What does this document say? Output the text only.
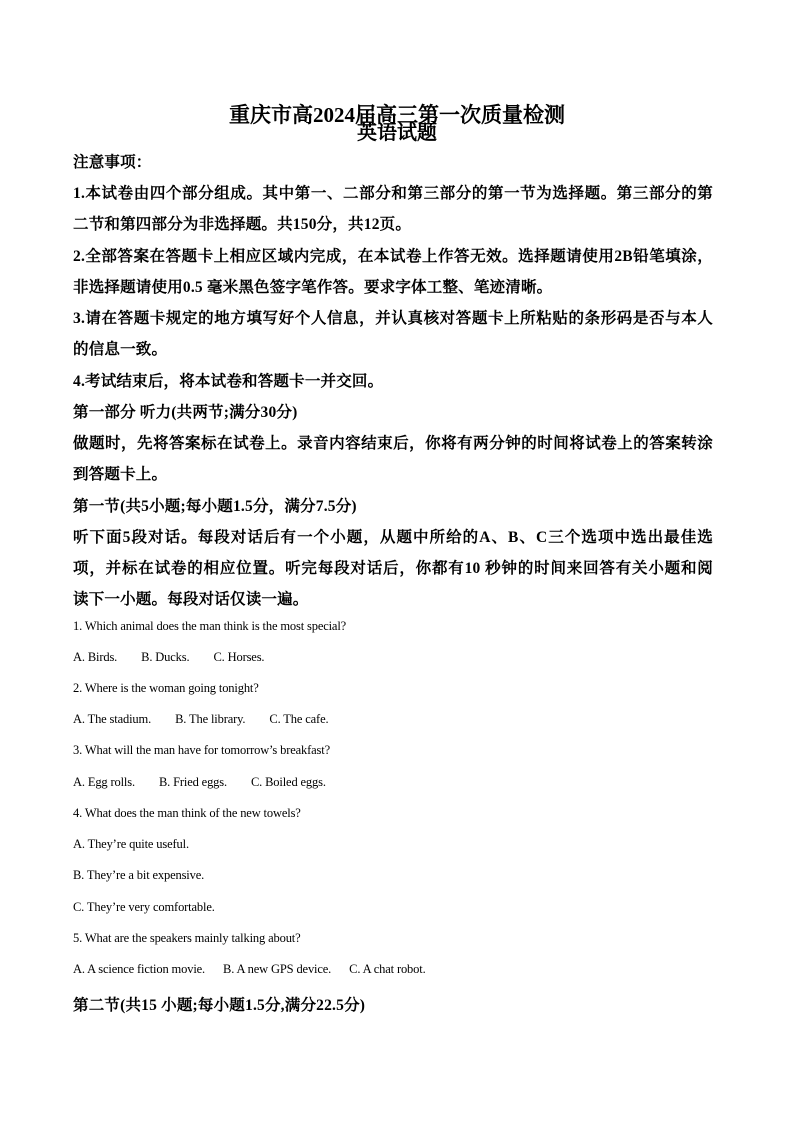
重庆市高2024届高三第一次质量检测
英语试题
注意事项：
1.本试卷由四个部分组成。其中第一、二部分和第三部分的第一节为选择题。第三部分的第
二节和第四部分为非选择题。共150分，共12页。
2.全部答案在答题卡上相应区域内完成，在本试卷上作答无效。选择题请使用2B铅笔填涂，
非选择题请使用0.5 毫米黑色签字笔作答。要求字体工整、笔迹清晰。
3.请在答题卡规定的地方填写好个人信息，并认真核对答题卡上所粘贴的条形码是否与本人
的信息一致。
4.考试结束后，将本试卷和答题卡一并交回。
第一部分 听力(共两节;满分30分)
做题时，先将答案标在试卷上。录音内容结束后，你将有两分钟的时间将试卷上的答案转涂
到答题卡上。
第一节(共5小题;每小题1.5分，满分7.5分)
听下面5段对话。每段对话后有一个小题，从题中所给的A、B、C三个选项中选出最佳选
项，并标在试卷的相应位置。听完每段对话后，你都有10 秒钟的时间来回答有关小题和阅
读下一小题。每段对话仅读一遍。
1. Which animal does the man think is the most special?
A. Birds. B. Ducks. C. Horses.
2. Where is the woman going tonight?
A. The stadium. B. The library. C. The cafe.
3. What will the man have for tomorrow’s breakfast?
A. Egg rolls. B. Fried eggs. C. Boiled eggs.
4. What does the man think of the new towels?
A. They’re quite useful.
B. They’re a bit expensive.
C. They’re very comfortable.
5. What are the speakers mainly talking about?
A. A science fiction movie. B. A new GPS device. C. A chat robot.
第二节(共15 小题;每小题1.5分,满分22.5分)
